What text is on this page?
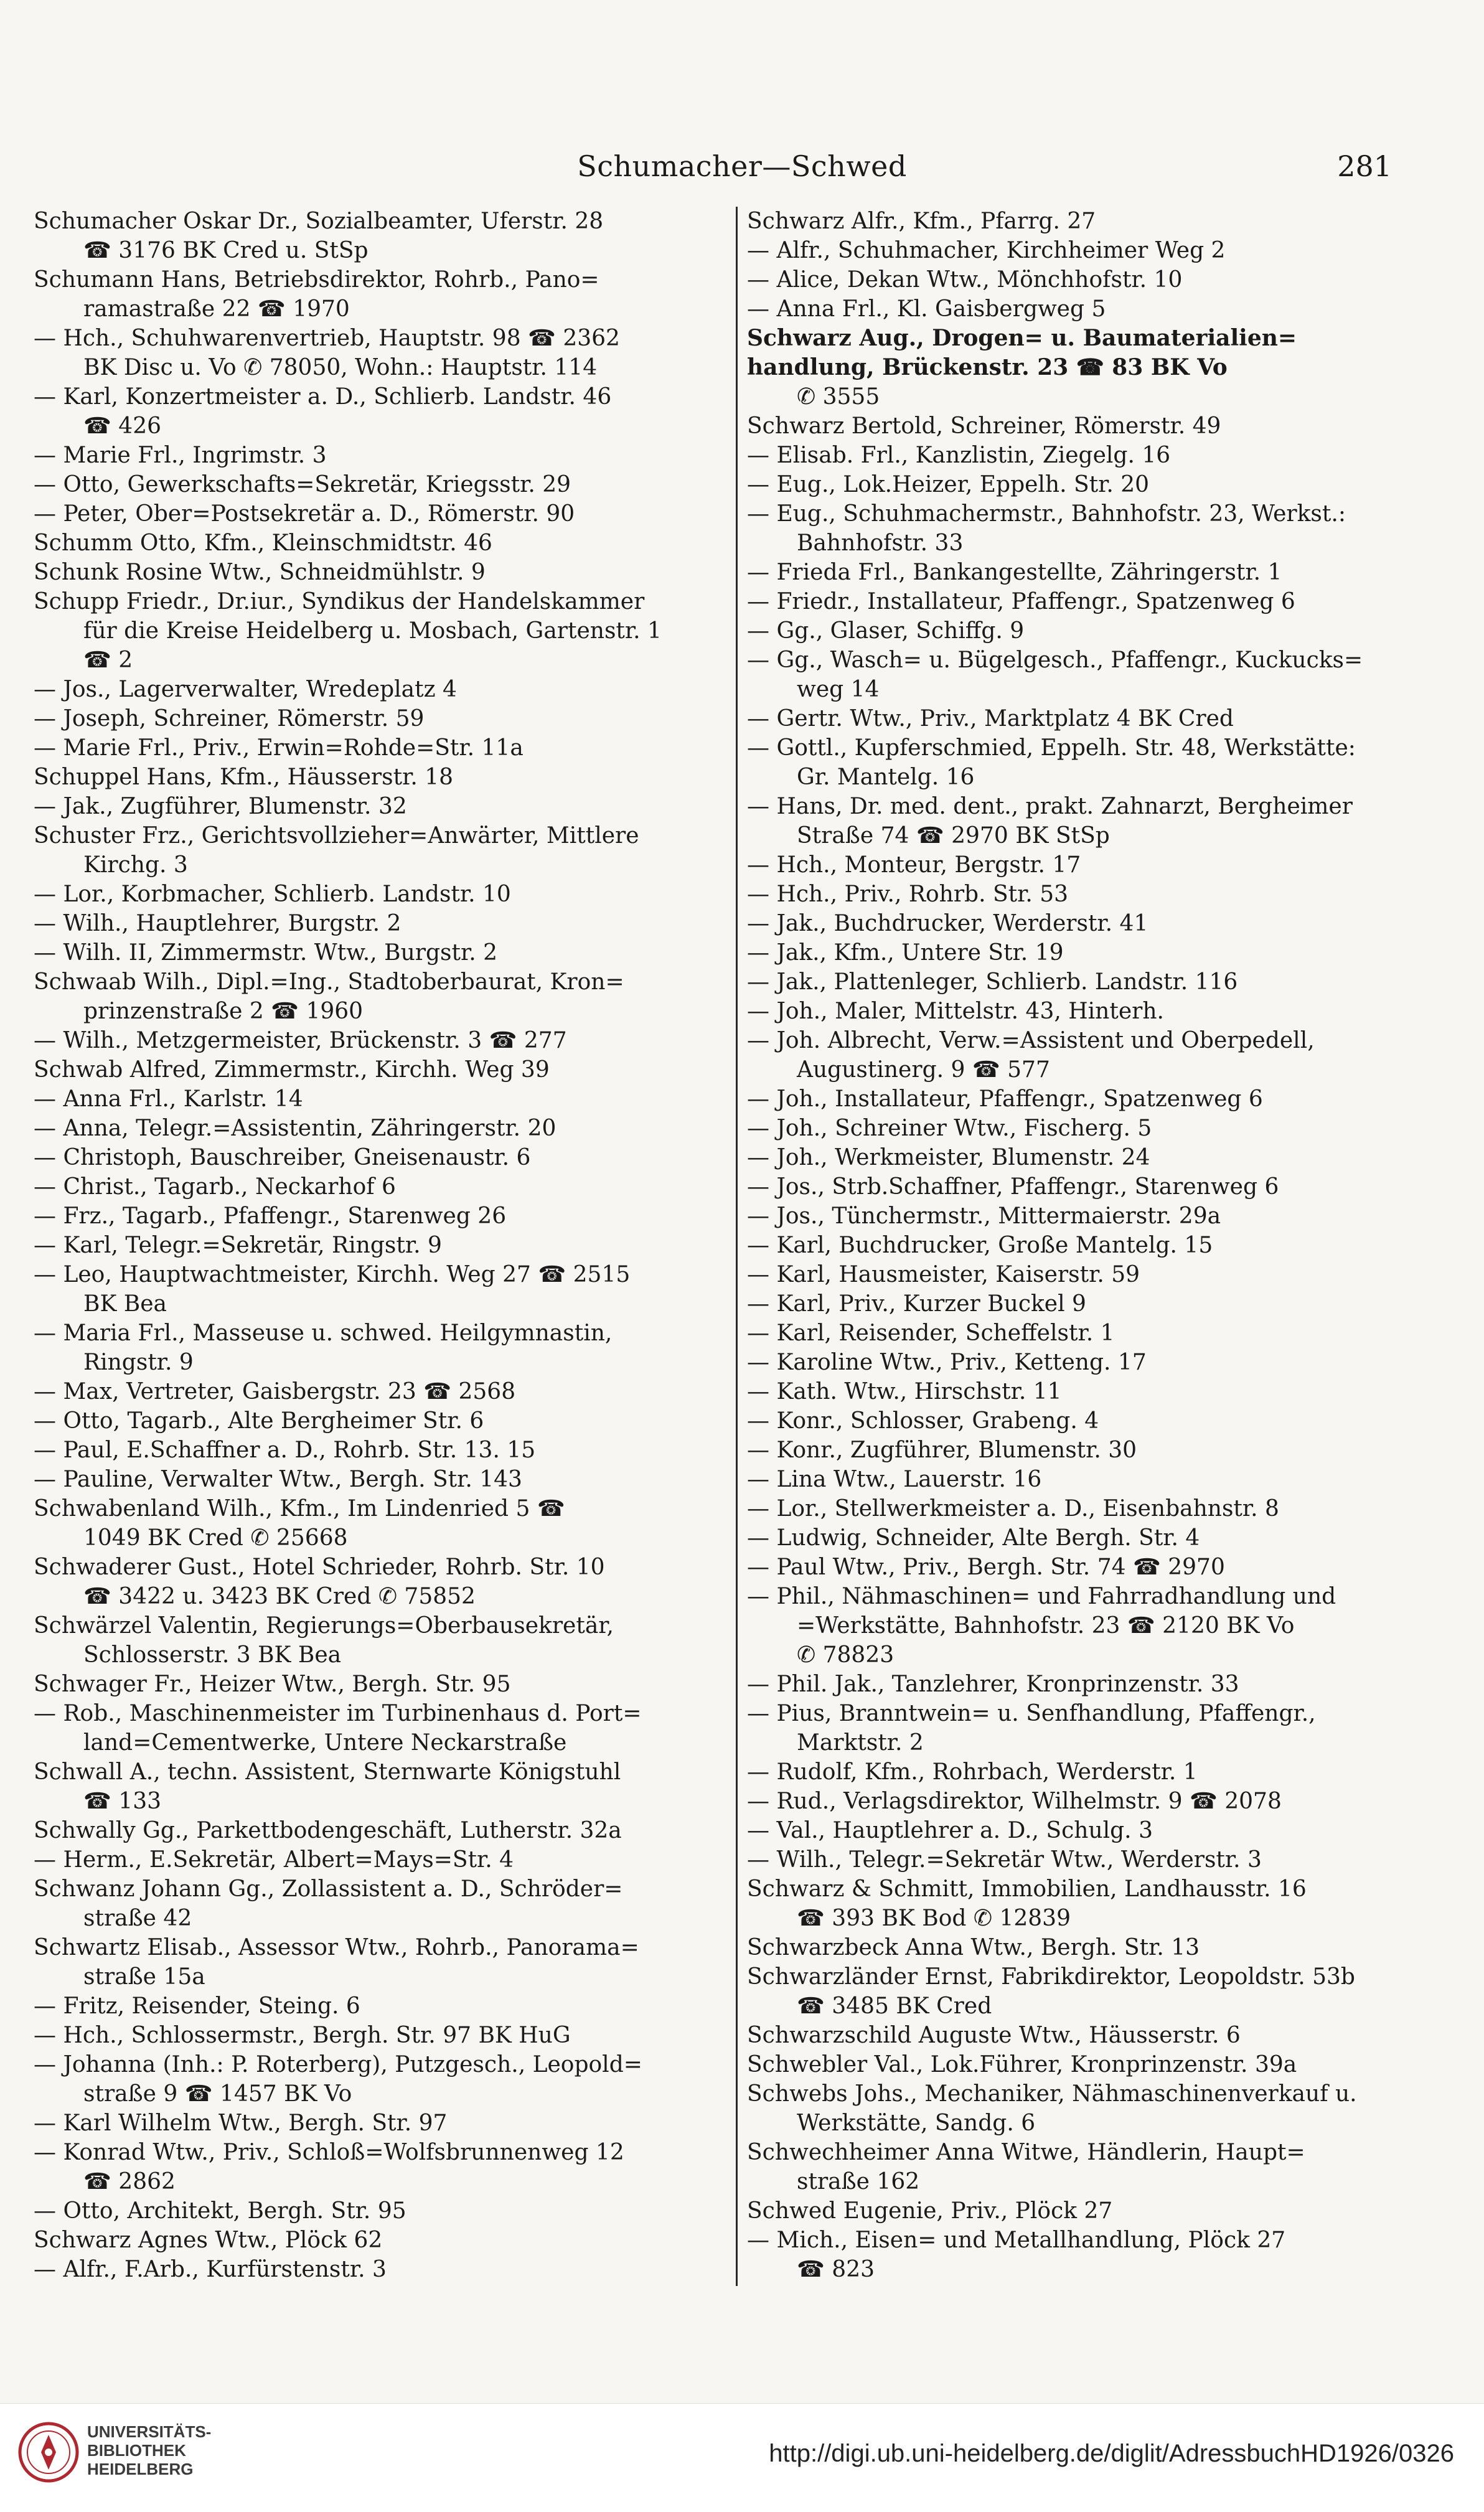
Schumacher—Schwed	281
Schumacher Oskar Dr., Sozialbeamter, Uferstr. 28
☎ 3176 BK Cred u. StSp
Schumann Hans, Betriebsdirektor, Rohrb., Pano=
ramastraße 22 ☎ 1970
— Hch., Schuhwarenvertrieb, Hauptstr. 98 ☎ 2362
BK Disc u. Vo ✆ 78050, Wohn.: Hauptstr. 114
— Karl, Konzertmeister a. D., Schlierb. Landstr. 46
☎ 426
— Marie Frl., Ingrimstr. 3
— Otto, Gewerkschafts=Sekretär, Kriegsstr. 29
— Peter, Ober=Postsekretär a. D., Römerstr. 90
Schumm Otto, Kfm., Kleinschmidtstr. 46
Schunk Rosine Wtw., Schneidmühlstr. 9
Schupp Friedr., Dr.iur., Syndikus der Handelskammer
für die Kreise Heidelberg u. Mosbach, Gartenstr. 1
☎ 2
— Jos., Lagerverwalter, Wredeplatz 4
— Joseph, Schreiner, Römerstr. 59
— Marie Frl., Priv., Erwin=Rohde=Str. 11a
Schuppel Hans, Kfm., Häusserstr. 18
— Jak., Zugführer, Blumenstr. 32
Schuster Frz., Gerichtsvollzieher=Anwärter, Mittlere
Kirchg. 3
— Lor., Korbmacher, Schlierb. Landstr. 10
— Wilh., Hauptlehrer, Burgstr. 2
— Wilh. II, Zimmermstr. Wtw., Burgstr. 2
Schwaab Wilh., Dipl.=Ing., Stadtoberbaurat, Kron=
prinzenstraße 2 ☎ 1960
— Wilh., Metzgermeister, Brückenstr. 3 ☎ 277
Schwab Alfred, Zimmermstr., Kirchh. Weg 39
— Anna Frl., Karlstr. 14
— Anna, Telegr.=Assistentin, Zähringerstr. 20
— Christoph, Bauschreiber, Gneisenaustr. 6
— Christ., Tagarb., Neckarhof 6
— Frz., Tagarb., Pfaffengr., Starenweg 26
— Karl, Telegr.=Sekretär, Ringstr. 9
— Leo, Hauptwachtmeister, Kirchh. Weg 27 ☎ 2515
BK Bea
— Maria Frl., Masseuse u. schwed. Heilgymnastin,
Ringstr. 9
— Max, Vertreter, Gaisbergstr. 23 ☎ 2568
— Otto, Tagarb., Alte Bergheimer Str. 6
— Paul, E.Schaffner a. D., Rohrb. Str. 13. 15
— Pauline, Verwalter Wtw., Bergh. Str. 143
Schwabenland Wilh., Kfm., Im Lindenried 5 ☎
1049 BK Cred ✆ 25668
Schwaderer Gust., Hotel Schrieder, Rohrb. Str. 10
☎ 3422 u. 3423 BK Cred ✆ 75852
Schwärzel Valentin, Regierungs=Oberbausekretär,
Schlosserstr. 3 BK Bea
Schwager Fr., Heizer Wtw., Bergh. Str. 95
— Rob., Maschinenmeister im Turbinenhaus d. Port=
land=Cementwerke, Untere Neckarstraße
Schwall A., techn. Assistent, Sternwarte Königstuhl
☎ 133
Schwally Gg., Parkettbodengeschäft, Lutherstr. 32a
— Herm., E.Sekretär, Albert=Mays=Str. 4
Schwanz Johann Gg., Zollassistent a. D., Schröder=
straße 42
Schwartz Elisab., Assessor Wtw., Rohrb., Panorama=
straße 15a
— Fritz, Reisender, Steing. 6
— Hch., Schlossermstr., Bergh. Str. 97 BK HuG
— Johanna (Inh.: P. Roterberg), Putzgesch., Leopold=
straße 9 ☎ 1457 BK Vo
— Karl Wilhelm Wtw., Bergh. Str. 97
— Konrad Wtw., Priv., Schloß=Wolfsbrunnenweg 12
☎ 2862
— Otto, Architekt, Bergh. Str. 95
Schwarz Agnes Wtw., Plöck 62
— Alfr., F.Arb., Kurfürstenstr. 3
Schwarz Alfr., Kfm., Pfarrg. 27
— Alfr., Schuhmacher, Kirchheimer Weg 2
— Alice, Dekan Wtw., Mönchhofstr. 10
— Anna Frl., Kl. Gaisbergweg 5
Schwarz Aug., Drogen= u. Baumaterialien=
handlung, Brückenstr. 23 ☎ 83 BK Vo
✆ 3555
Schwarz Bertold, Schreiner, Römerstr. 49
— Elisab. Frl., Kanzlistin, Ziegelg. 16
— Eug., Lok.Heizer, Eppelh. Str. 20
— Eug., Schuhmachermstr., Bahnhofstr. 23, Werkst.:
Bahnhofstr. 33
— Frieda Frl., Bankangestellte, Zähringerstr. 1
— Friedr., Installateur, Pfaffengr., Spatzenweg 6
— Gg., Glaser, Schiffg. 9
— Gg., Wasch= u. Bügelgesch., Pfaffengr., Kuckucks=
weg 14
— Gertr. Wtw., Priv., Marktplatz 4 BK Cred
— Gottl., Kupferschmied, Eppelh. Str. 48, Werkstätte:
Gr. Mantelg. 16
— Hans, Dr. med. dent., prakt. Zahnarzt, Bergheimer
Straße 74 ☎ 2970 BK StSp
— Hch., Monteur, Bergstr. 17
— Hch., Priv., Rohrb. Str. 53
— Jak., Buchdrucker, Werderstr. 41
— Jak., Kfm., Untere Str. 19
— Jak., Plattenleger, Schlierb. Landstr. 116
— Joh., Maler, Mittelstr. 43, Hinterh.
— Joh. Albrecht, Verw.=Assistent und Oberpedell,
Augustinerg. 9 ☎ 577
— Joh., Installateur, Pfaffengr., Spatzenweg 6
— Joh., Schreiner Wtw., Fischerg. 5
— Joh., Werkmeister, Blumenstr. 24
— Jos., Strb.Schaffner, Pfaffengr., Starenweg 6
— Jos., Tünchermstr., Mittermaierstr. 29a
— Karl, Buchdrucker, Große Mantelg. 15
— Karl, Hausmeister, Kaiserstr. 59
— Karl, Priv., Kurzer Buckel 9
— Karl, Reisender, Scheffelstr. 1
— Karoline Wtw., Priv., Ketteng. 17
— Kath. Wtw., Hirschstr. 11
— Konr., Schlosser, Grabeng. 4
— Konr., Zugführer, Blumenstr. 30
— Lina Wtw., Lauerstr. 16
— Lor., Stellwerkmeister a. D., Eisenbahnstr. 8
— Ludwig, Schneider, Alte Bergh. Str. 4
— Paul Wtw., Priv., Bergh. Str. 74 ☎ 2970
— Phil., Nähmaschinen= und Fahrradhandlung und
=Werkstätte, Bahnhofstr. 23 ☎ 2120 BK Vo
✆ 78823
— Phil. Jak., Tanzlehrer, Kronprinzenstr. 33
— Pius, Branntwein= u. Senfhandlung, Pfaffengr.,
Marktstr. 2
— Rudolf, Kfm., Rohrbach, Werderstr. 1
— Rud., Verlagsdirektor, Wilhelmstr. 9 ☎ 2078
— Val., Hauptlehrer a. D., Schulg. 3
— Wilh., Telegr.=Sekretär Wtw., Werderstr. 3
Schwarz & Schmitt, Immobilien, Landhausstr. 16
☎ 393 BK Bod ✆ 12839
Schwarzbeck Anna Wtw., Bergh. Str. 13
Schwarzländer Ernst, Fabrikdirektor, Leopoldstr. 53b
☎ 3485 BK Cred
Schwarzschild Auguste Wtw., Häusserstr. 6
Schwebler Val., Lok.Führer, Kronprinzenstr. 39a
Schwebs Johs., Mechaniker, Nähmaschinenverkauf u.
Werkstätte, Sandg. 6
Schwechheimer Anna Witwe, Händlerin, Haupt=
straße 162
Schwed Eugenie, Priv., Plöck 27
— Mich., Eisen= und Metallhandlung, Plöck 27
☎ 823
UNIVERSITÄTS-
BIBLIOTHEK
HEIDELBERG
http://digi.ub.uni-heidelberg.de/diglit/AdressbuchHD1926/0326
